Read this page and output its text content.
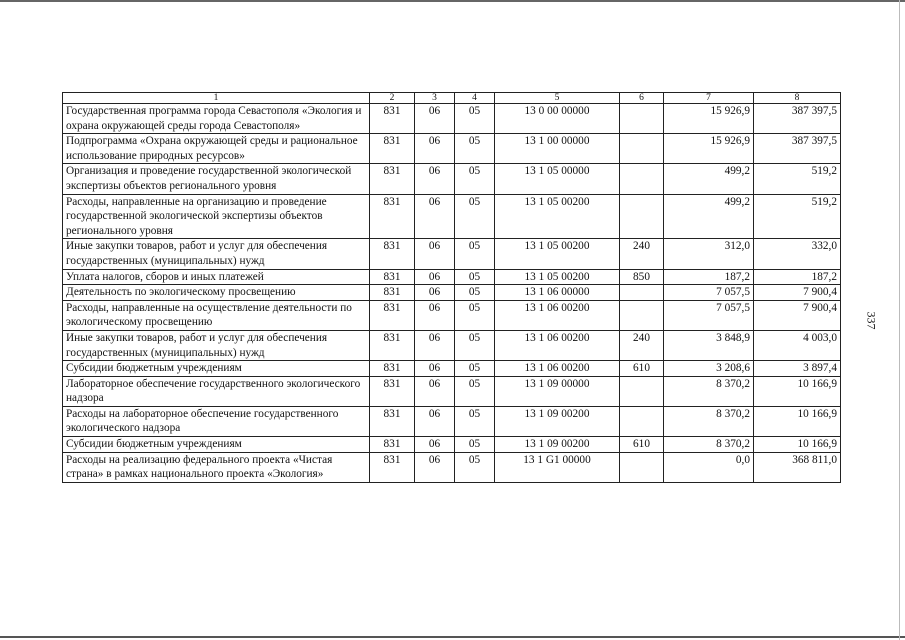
1	2	3	4	5	6	7	8
Государственная программа города Севастополя «Экология и охрана окружающей среды города Севастополя»	831	06	05	13 0 00 00000		15 926,9	387 397,5
Подпрограмма «Охрана окружающей среды и рациональное использование природных ресурсов»	831	06	05	13 1 00 00000		15 926,9	387 397,5
Организация и проведение государственной экологической экспертизы объектов регионального уровня	831	06	05	13 1 05 00000		499,2	519,2
Расходы, направленные на организацию и проведение государственной экологической экспертизы объектов регионального уровня	831	06	05	13 1 05 00200		499,2	519,2
Иные закупки товаров, работ и услуг для обеспечения государственных (муниципальных) нужд	831	06	05	13 1 05 00200	240	312,0	332,0
Уплата налогов, сборов и иных платежей	831	06	05	13 1 05 00200	850	187,2	187,2
Деятельность по экологическому просвещению	831	06	05	13 1 06 00000		7 057,5	7 900,4
Расходы, направленные на осуществление деятельности по экологическому просвещению	831	06	05	13 1 06 00200		7 057,5	7 900,4
Иные закупки товаров, работ и услуг для обеспечения государственных (муниципальных) нужд	831	06	05	13 1 06 00200	240	3 848,9	4 003,0
Субсидии бюджетным учреждениям	831	06	05	13 1 06 00200	610	3 208,6	3 897,4
Лабораторное обеспечение государственного экологического надзора	831	06	05	13 1 09 00000		8 370,2	10 166,9
Расходы на лабораторное обеспечение государственного экологического надзора	831	06	05	13 1 09 00200		8 370,2	10 166,9
Субсидии бюджетным учреждениям	831	06	05	13 1 09 00200	610	8 370,2	10 166,9
Расходы на реализацию федерального проекта «Чистая страна» в рамках национального проекта «Экология»	831	06	05	13 1 G1 00000		0,0	368 811,0
337
